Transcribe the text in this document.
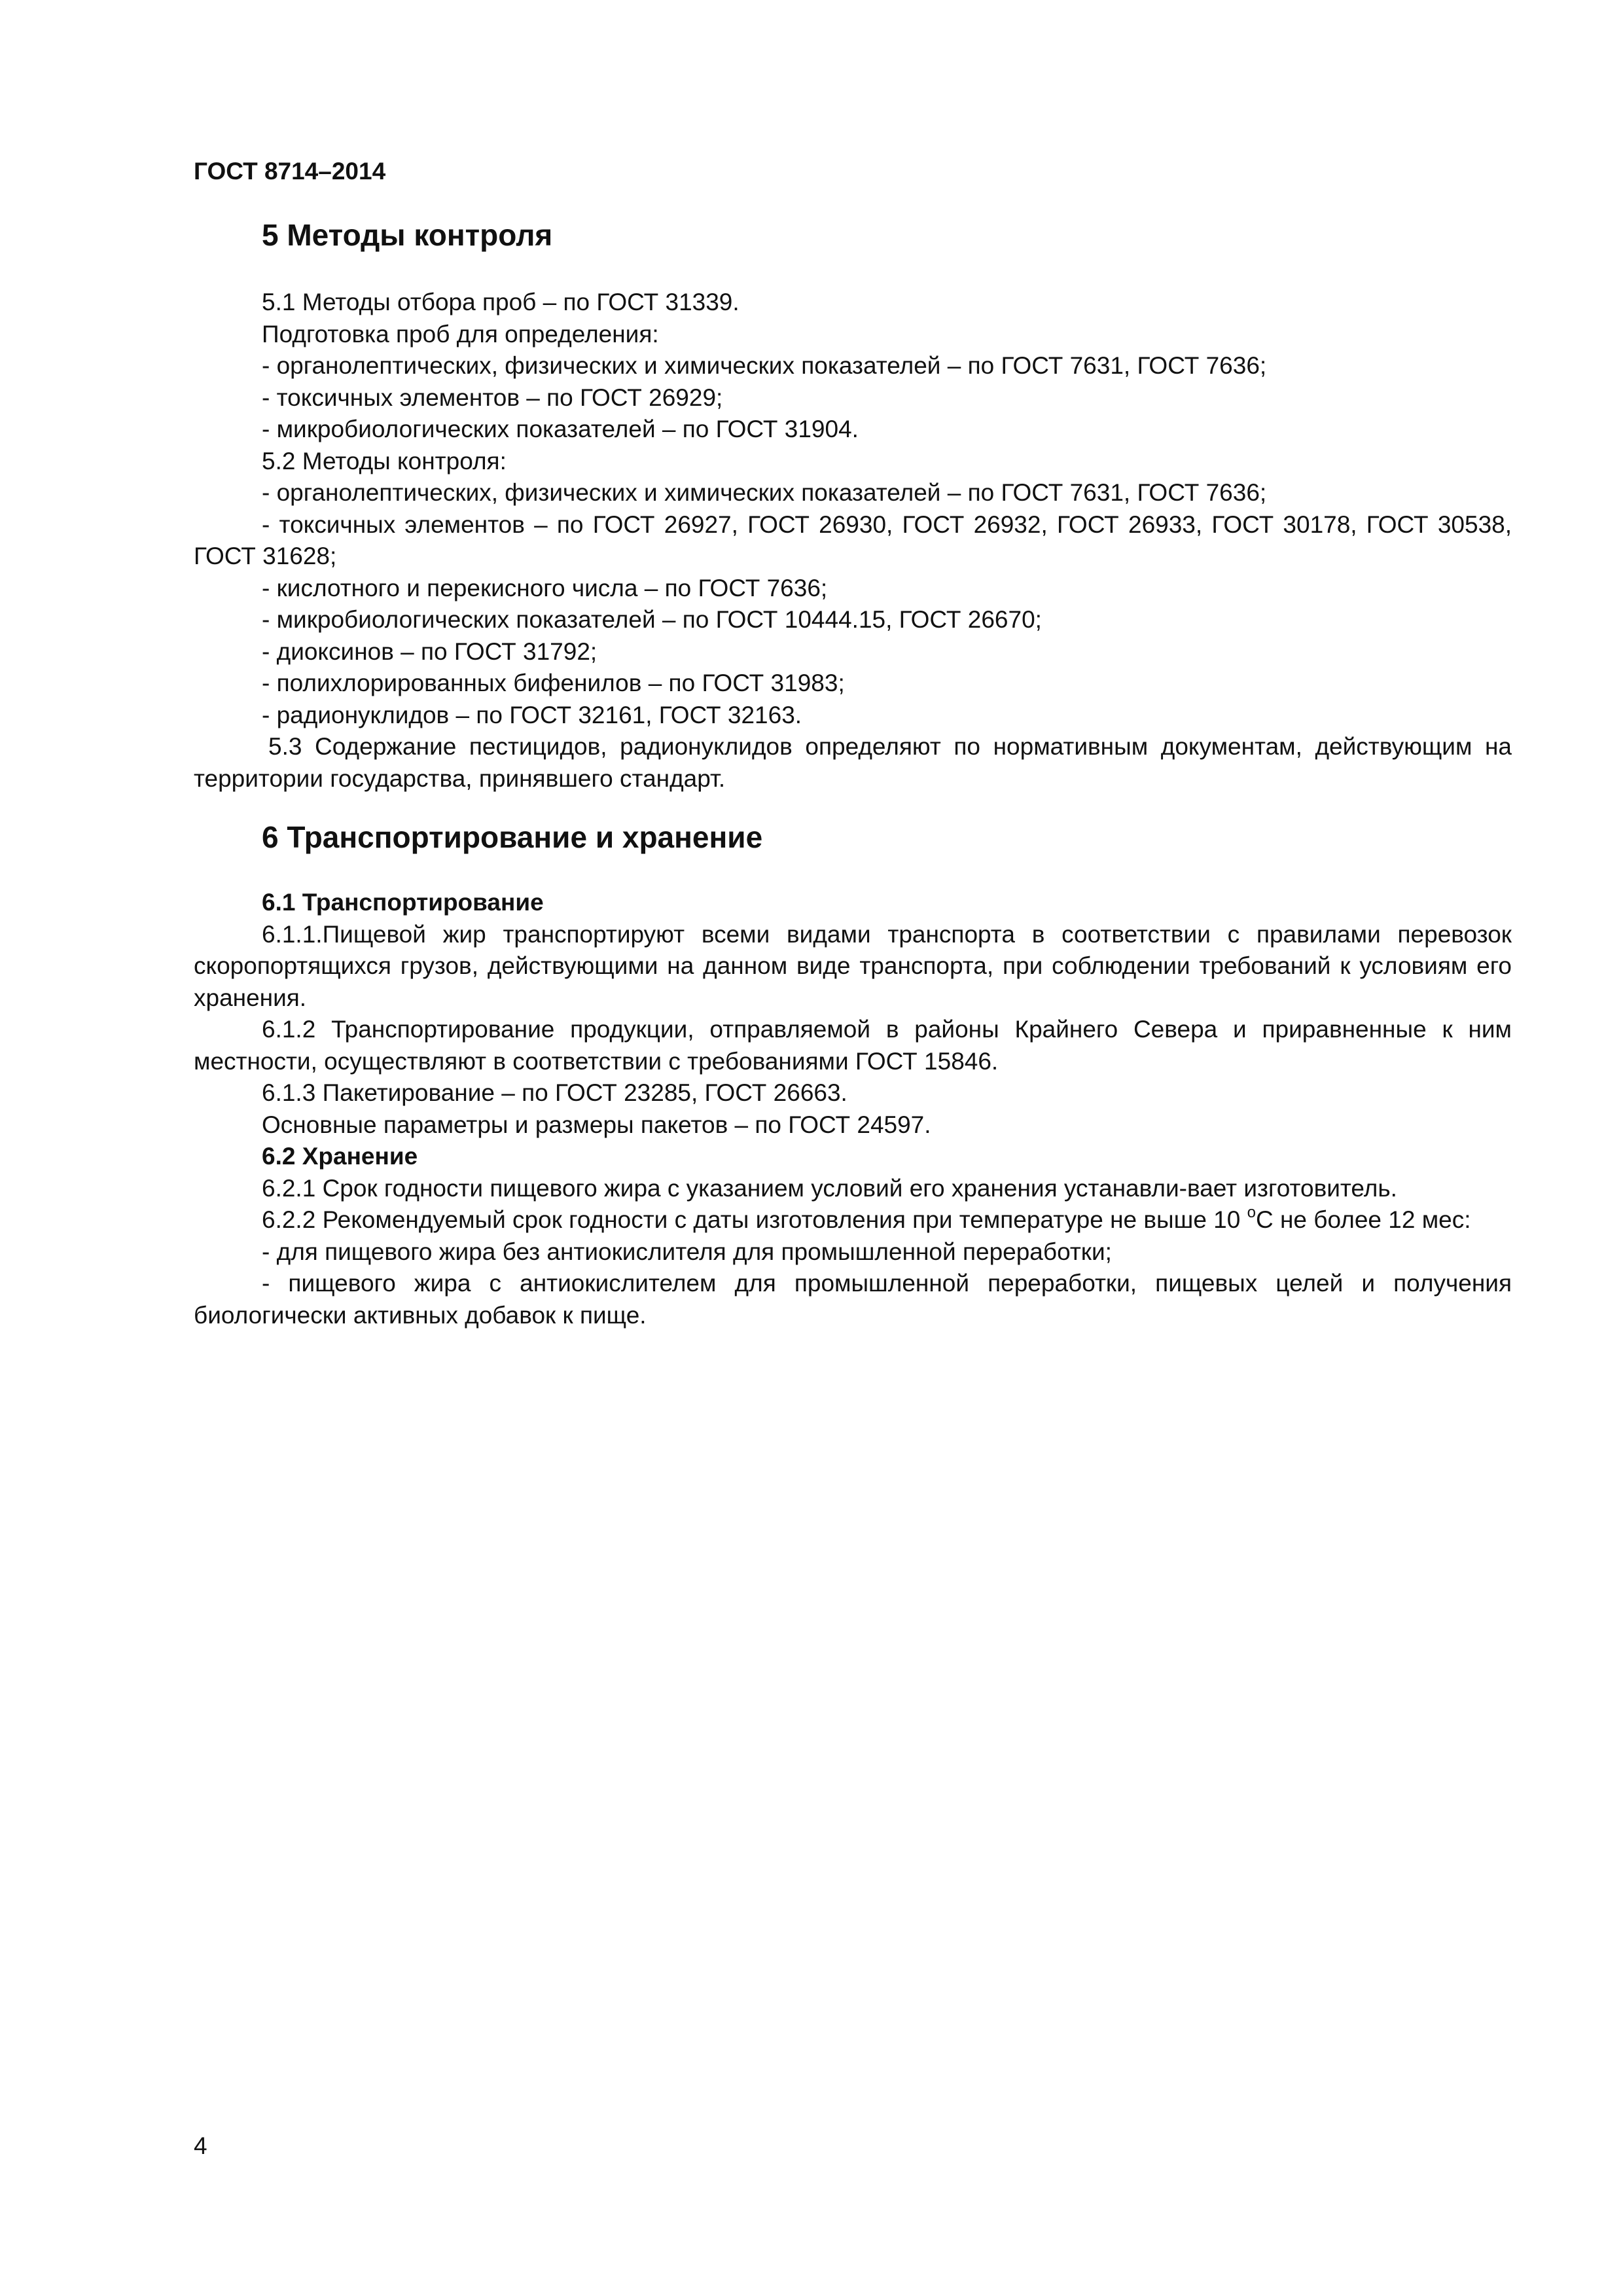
ГОСТ 8714–2014
5 Методы контроля

5.1 Методы отбора проб – по ГОСТ 31339.

Подготовка проб для определения:

- органолептических, физических и химических показателей – по ГОСТ 7631, ГОСТ 7636;

- токсичных элементов – по ГОСТ 26929;

- микробиологических показателей – по ГОСТ 31904.

5.2 Методы контроля:

- органолептических, физических и химических показателей – по ГОСТ 7631, ГОСТ 7636;

- токсичных элементов – по ГОСТ 26927, ГОСТ 26930, ГОСТ 26932, ГОСТ 26933, ГОСТ 30178, ГОСТ 30538, ГОСТ 31628;

- кислотного и перекисного числа – по ГОСТ 7636;

- микробиологических показателей – по ГОСТ 10444.15, ГОСТ 26670;

- диоксинов – по ГОСТ 31792;

- полихлорированных бифенилов – по ГОСТ 31983;

- радионуклидов – по ГОСТ 32161, ГОСТ 32163.

5.3 Содержание пестицидов, радионуклидов определяют по нормативным документам, действующим на территории государства, принявшего стандарт.

6 Транспортирование и хранение

6.1 Транспортирование

6.1.1.Пищевой жир транспортируют всеми видами транспорта в соответствии с правилами перевозок скоропортящихся грузов, действующими на данном виде транспорта, при соблюдении требований к условиям его хранения.

6.1.2 Транспортирование продукции, отправляемой в районы Крайнего Севера и приравненные к ним местности, осуществляют в соответствии с требованиями ГОСТ 15846.

6.1.3 Пакетирование – по ГОСТ 23285, ГОСТ 26663.

Основные параметры и размеры пакетов – по ГОСТ 24597.

6.2 Хранение

6.2.1 Срок годности пищевого жира с указанием условий его хранения устанавли-вает изготовитель.

6.2.2 Рекомендуемый срок годности с даты изготовления при температуре не выше 10 $^о$С не более 12 мес:

- для пищевого жира без антиокислителя для промышленной переработки;

- пищевого жира с антиокислителем для промышленной переработки, пищевых целей и получения биологически активных добавок к пище.

4
